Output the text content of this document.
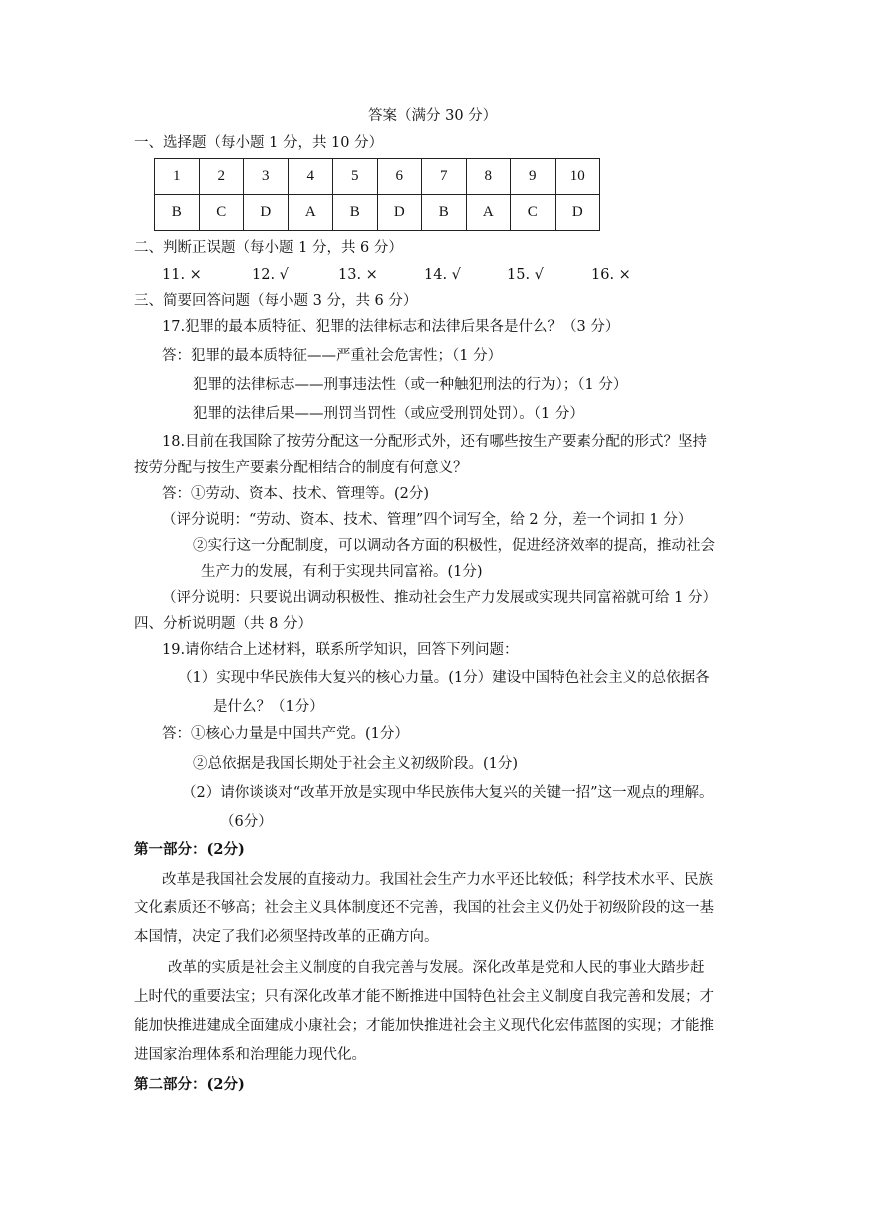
答案（满分 30 分）
一、选择题（每小题 1 分，共 10 分）
1	2	3	4	5	6	7	8	9	10
B	C	D	A	B	D	B	A	C	D
二、判断正误题（每小题 1 分，共 6 分）
11. ×	12. √	13. ×	14. √	15. √	16. ×
三、简要回答问题（每小题 3 分，共 6 分）
17.犯罪的最本质特征、犯罪的法律标志和法律后果各是什么？（3 分）
答：犯罪的最本质特征——严重社会危害性；（1 分）
犯罪的法律标志——刑事违法性（或一种触犯刑法的行为）；（1 分）
犯罪的法律后果——刑罚当罚性（或应受刑罚处罚）。（1 分）
18.目前在我国除了按劳分配这一分配形式外，还有哪些按生产要素分配的形式？坚持
按劳分配与按生产要素分配相结合的制度有何意义？
答：①劳动、资本、技术、管理等。(2分)
（评分说明：“劳动、资本、技术、管理”四个词写全，给 2 分，差一个词扣 1 分）
②实行这一分配制度，可以调动各方面的积极性，促进经济效率的提高，推动社会
生产力的发展，有利于实现共同富裕。(1分)
（评分说明：只要说出调动积极性、推动社会生产力发展或实现共同富裕就可给 1 分）
四、分析说明题（共 8 分）
19.请你结合上述材料，联系所学知识，回答下列问题：
（1）实现中华民族伟大复兴的核心力量。(1分）建设中国特色社会主义的总依据各
是什么？（1分）
答：①核心力量是中国共产党。(1分）
②总依据是我国长期处于社会主义初级阶段。(1分)
（2）请你谈谈对“改革开放是实现中华民族伟大复兴的关键一招”这一观点的理解。
（6分）
第一部分：(2分)
改革是我国社会发展的直接动力。我国社会生产力水平还比较低；科学技术水平、民族
文化素质还不够高；社会主义具体制度还不完善，我国的社会主义仍处于初级阶段的这一基
本国情，决定了我们必须坚持改革的正确方向。
改革的实质是社会主义制度的自我完善与发展。深化改革是党和人民的事业大踏步赶
上时代的重要法宝；只有深化改革才能不断推进中国特色社会主义制度自我完善和发展；才
能加快推进建成全面建成小康社会；才能加快推进社会主义现代化宏伟蓝图的实现；才能推
进国家治理体系和治理能力现代化。
第二部分：(2分)
